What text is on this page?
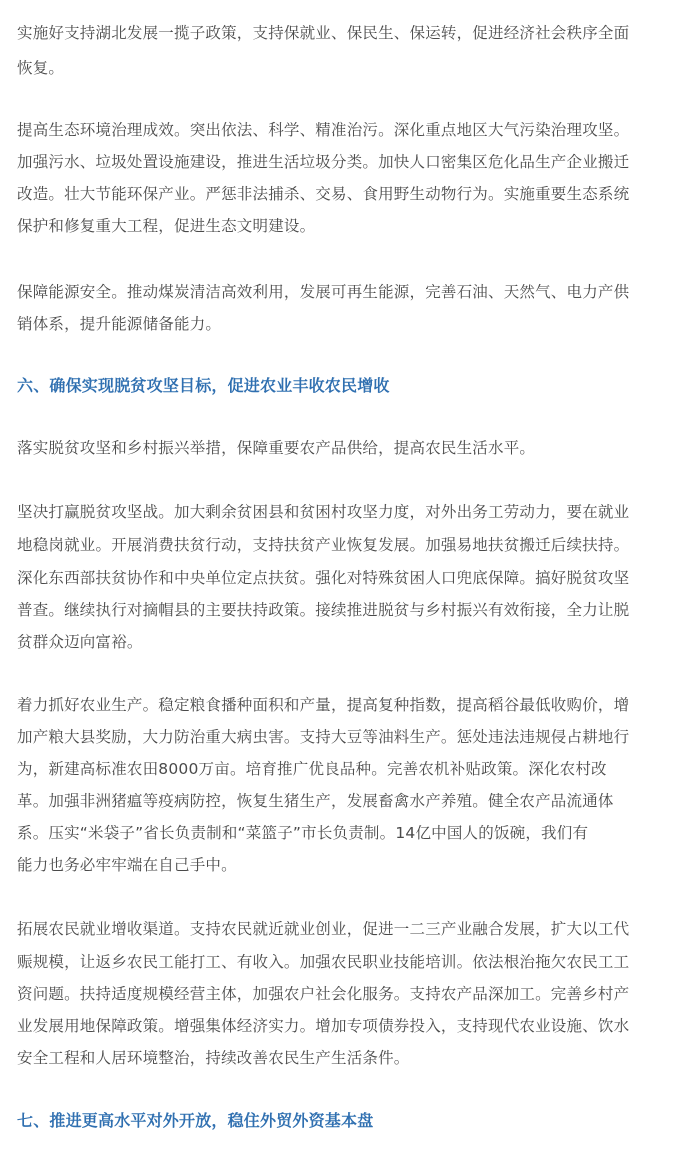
实施好支持湖北发展一揽子政策，支持保就业、保民生、保运转，促进经济社会秩序全面
恢复。
提高生态环境治理成效。突出依法、科学、精准治污。深化重点地区大气污染治理攻坚。
加强污水、垃圾处置设施建设，推进生活垃圾分类。加快人口密集区危化品生产企业搬迁
改造。壮大节能环保产业。严惩非法捕杀、交易、食用野生动物行为。实施重要生态系统
保护和修复重大工程，促进生态文明建设。
保障能源安全。推动煤炭清洁高效利用，发展可再生能源，完善石油、天然气、电力产供
销体系，提升能源储备能力。
六、确保实现脱贫攻坚目标，促进农业丰收农民增收
落实脱贫攻坚和乡村振兴举措，保障重要农产品供给，提高农民生活水平。
坚决打赢脱贫攻坚战。加大剩余贫困县和贫困村攻坚力度，对外出务工劳动力，要在就业
地稳岗就业。开展消费扶贫行动，支持扶贫产业恢复发展。加强易地扶贫搬迁后续扶持。
深化东西部扶贫协作和中央单位定点扶贫。强化对特殊贫困人口兜底保障。搞好脱贫攻坚
普查。继续执行对摘帽县的主要扶持政策。接续推进脱贫与乡村振兴有效衔接，全力让脱
贫群众迈向富裕。
着力抓好农业生产。稳定粮食播种面积和产量，提高复种指数，提高稻谷最低收购价，增
加产粮大县奖励，大力防治重大病虫害。支持大豆等油料生产。惩处违法违规侵占耕地行
为，新建高标准农田8000万亩。培育推广优良品种。完善农机补贴政策。深化农村改
革。加强非洲猪瘟等疫病防控，恢复生猪生产，发展畜禽水产养殖。健全农产品流通体
系。压实“米袋子”省长负责制和“菜篮子”市长负责制。14亿中国人的饭碗，我们有
能力也务必牢牢端在自己手中。
拓展农民就业增收渠道。支持农民就近就业创业，促进一二三产业融合发展，扩大以工代
赈规模，让返乡农民工能打工、有收入。加强农民职业技能培训。依法根治拖欠农民工工
资问题。扶持适度规模经营主体，加强农户社会化服务。支持农产品深加工。完善乡村产
业发展用地保障政策。增强集体经济实力。增加专项债券投入，支持现代农业设施、饮水
安全工程和人居环境整治，持续改善农民生产生活条件。
七、推进更高水平对外开放，稳住外贸外资基本盘
